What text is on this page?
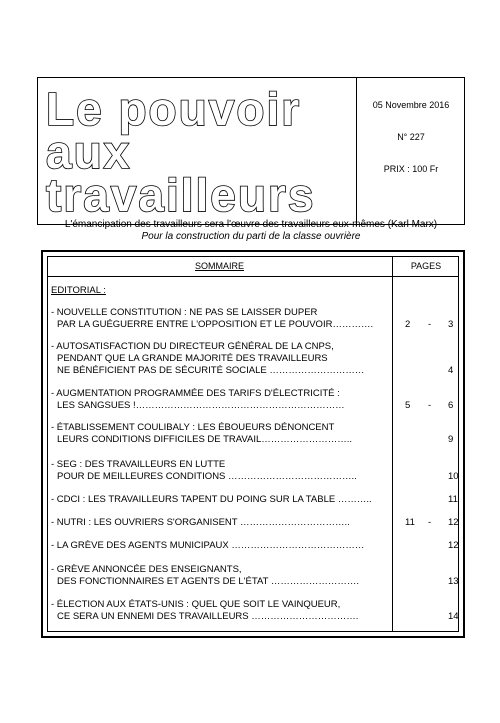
Le pouvoir
aux
travailleurs
05 Novembre 2016
N° 227
PRIX : 100 Fr
L'émancipation des travailleurs sera l'œuvre des travailleurs eux-mêmes (Karl Marx)
Pour la construction du parti de la classe ouvrière
SOMMAIRE	PAGES
EDITORIAL :
- NOUVELLE CONSTITUTION : NE PAS SE LAISSER DUPER
PAR LA GUÉGUERRE ENTRE L'OPPOSITION ET LE POUVOIR………….	2 - 3
- AUTOSATISFACTION DU DIRECTEUR GÉNÉRAL DE LA CNPS,
PENDANT QUE LA GRANDE MAJORITÉ DES TRAVAILLEURS
NE BÉNÉFICIENT PAS DE SÉCURITÉ SOCIALE …………………………	4
- AUGMENTATION PROGRAMMÉE DES TARIFS D'ÉLECTRICITÉ :
LES SANGSUES !…………………………………………………………	5 - 6
- ÉTABLISSEMENT COULIBALY : LES ÉBOUEURS DÉNONCENT
LEURS CONDITIONS DIFFICILES DE TRAVAIL………………………..	9
- SEG : DES TRAVAILLEURS EN LUTTE
POUR DE MEILLEURES CONDITIONS …………………………………..	10
- CDCI : LES TRAVAILLEURS TAPENT DU POING SUR LA TABLE ………..	11
- NUTRI : LES OUVRIERS S'ORGANISENT ……………………………..	11 - 12
- LA GRÈVE DES AGENTS MUNICIPAUX ……………………………………	12
- GRÈVE ANNONCÉE DES ENSEIGNANTS,
DES FONCTIONNAIRES ET AGENTS DE L'ÉTAT ……………………….	13
- ÉLECTION AUX ÉTATS-UNIS : QUEL QUE SOIT LE VAINQUEUR,
CE SERA UN ENNEMI DES TRAVAILLEURS …………………………….	14
